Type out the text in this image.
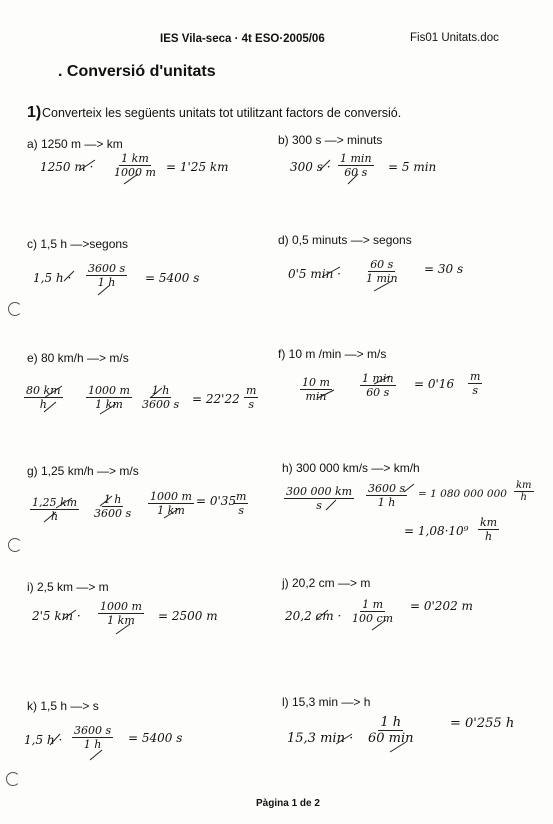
IES Vila-seca · 4t ESO·2005/06	Fis01 Unitats.doc
. Conversió d'unitats
1) Converteix les següents unitats tot utilitzant factors de conversió.
a) 1250 m —> km	b) 300 s —> minuts
c) 1,5 h —>segons	d) 0,5 minuts —> segons
e) 80 km/h —> m/s	f) 10 m /min —> m/s
g) 1,25 km/h —> m/s	h) 300 000 km/s —> km/h
i) 2,5 km —> m	j) 20,2 cm —> m
k) 1,5 h —> s	l) 15,3 min —> h
1250 $m \cdot \frac{1 km}{1000 m} = 1'25$ km	300 s ·
1 min
60 s = 5 min
1,5 $h \cdot \frac{3600 s}{1 h} = 5400$ s	0'5 min ·
60 s
1 min
= 30 s
$\frac{80 km}{h} \frac{1000 m}{1 km} \frac{1 h}{3600 s} = 22'22 \frac{m}{s}$
10 m
min
1 min
60 s
= $0'16 \frac{m}{s}$
$\frac{1,25 km}{h} \frac{1 h}{3600 s} \frac{1000 m}{1 km} = 0'35$
$\frac{m}{s}$	$\frac{300 000 km}{s} \frac{3600 s}{1 h} = 1$ 080 000 $000 \frac{km}{h}$
= $1,08\cdot 10^9 \frac{km}{h}$
2'5 km · $\frac{1000 m}{1 km} = 2500$ m	20,2 cm · $\frac{1 m}{100 cm} = 0'202$ m
1,5 $h \cdot \frac{3600 s}{1 h} = 5400$ s	15,3 min ·
1 h
60 min
= 0'255 h
Pàgina 1 de 2
